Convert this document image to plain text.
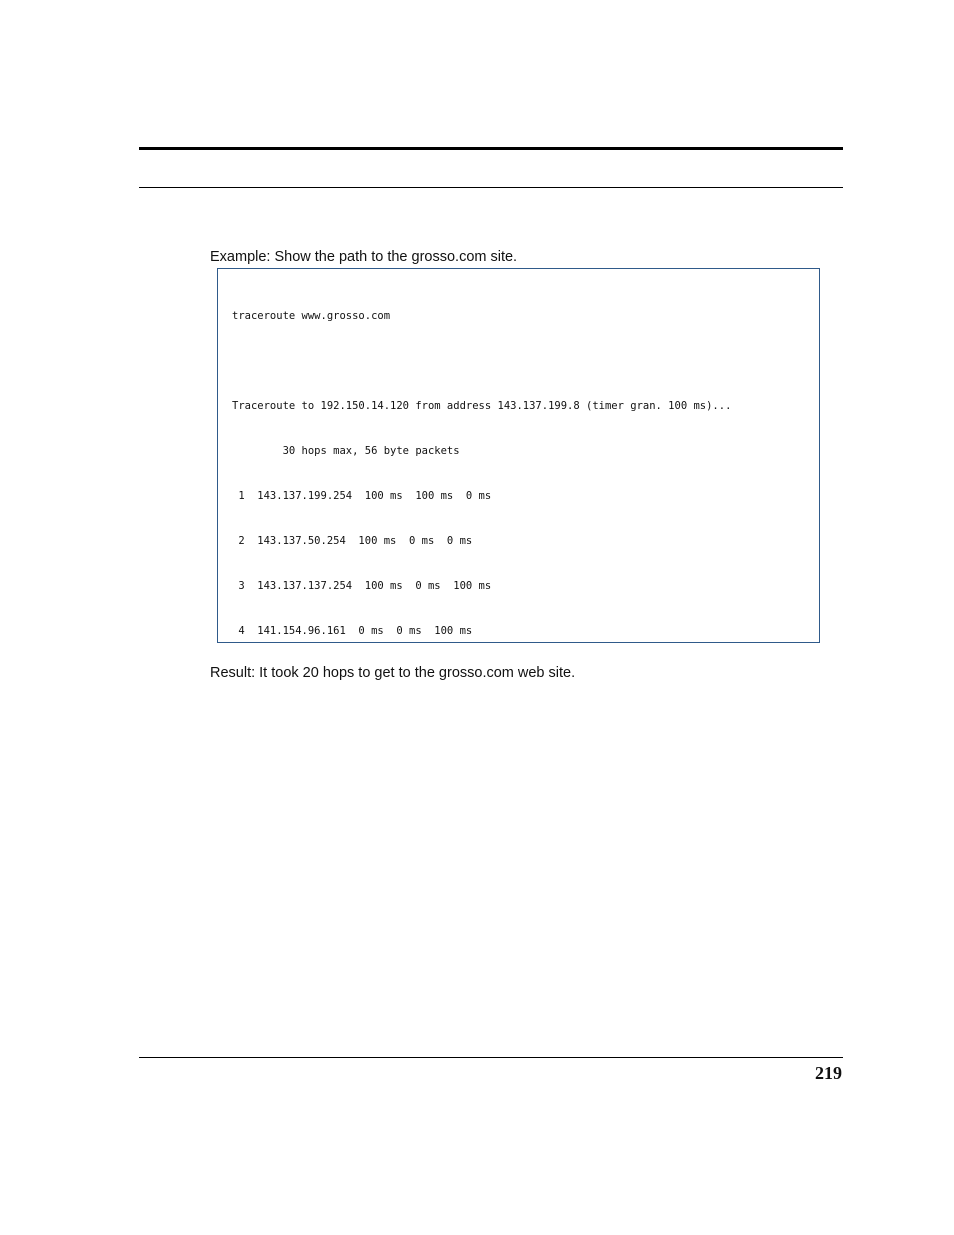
Example: Show the path to the grosso.com site.

traceroute www.grosso.com

Traceroute to 192.150.14.120 from address 143.137.199.8 (timer gran. 100 ms)...

30 hops max, 56 byte packets

1  143.137.199.254  100 ms  100 ms  0 ms

2  143.137.50.254  100 ms  0 ms  0 ms

3  143.137.137.254  100 ms  0 ms  100 ms

4  141.154.96.161  0 ms  0 ms  100 ms

Result: It took 20 hops to get to the grosso.com web site.

219
